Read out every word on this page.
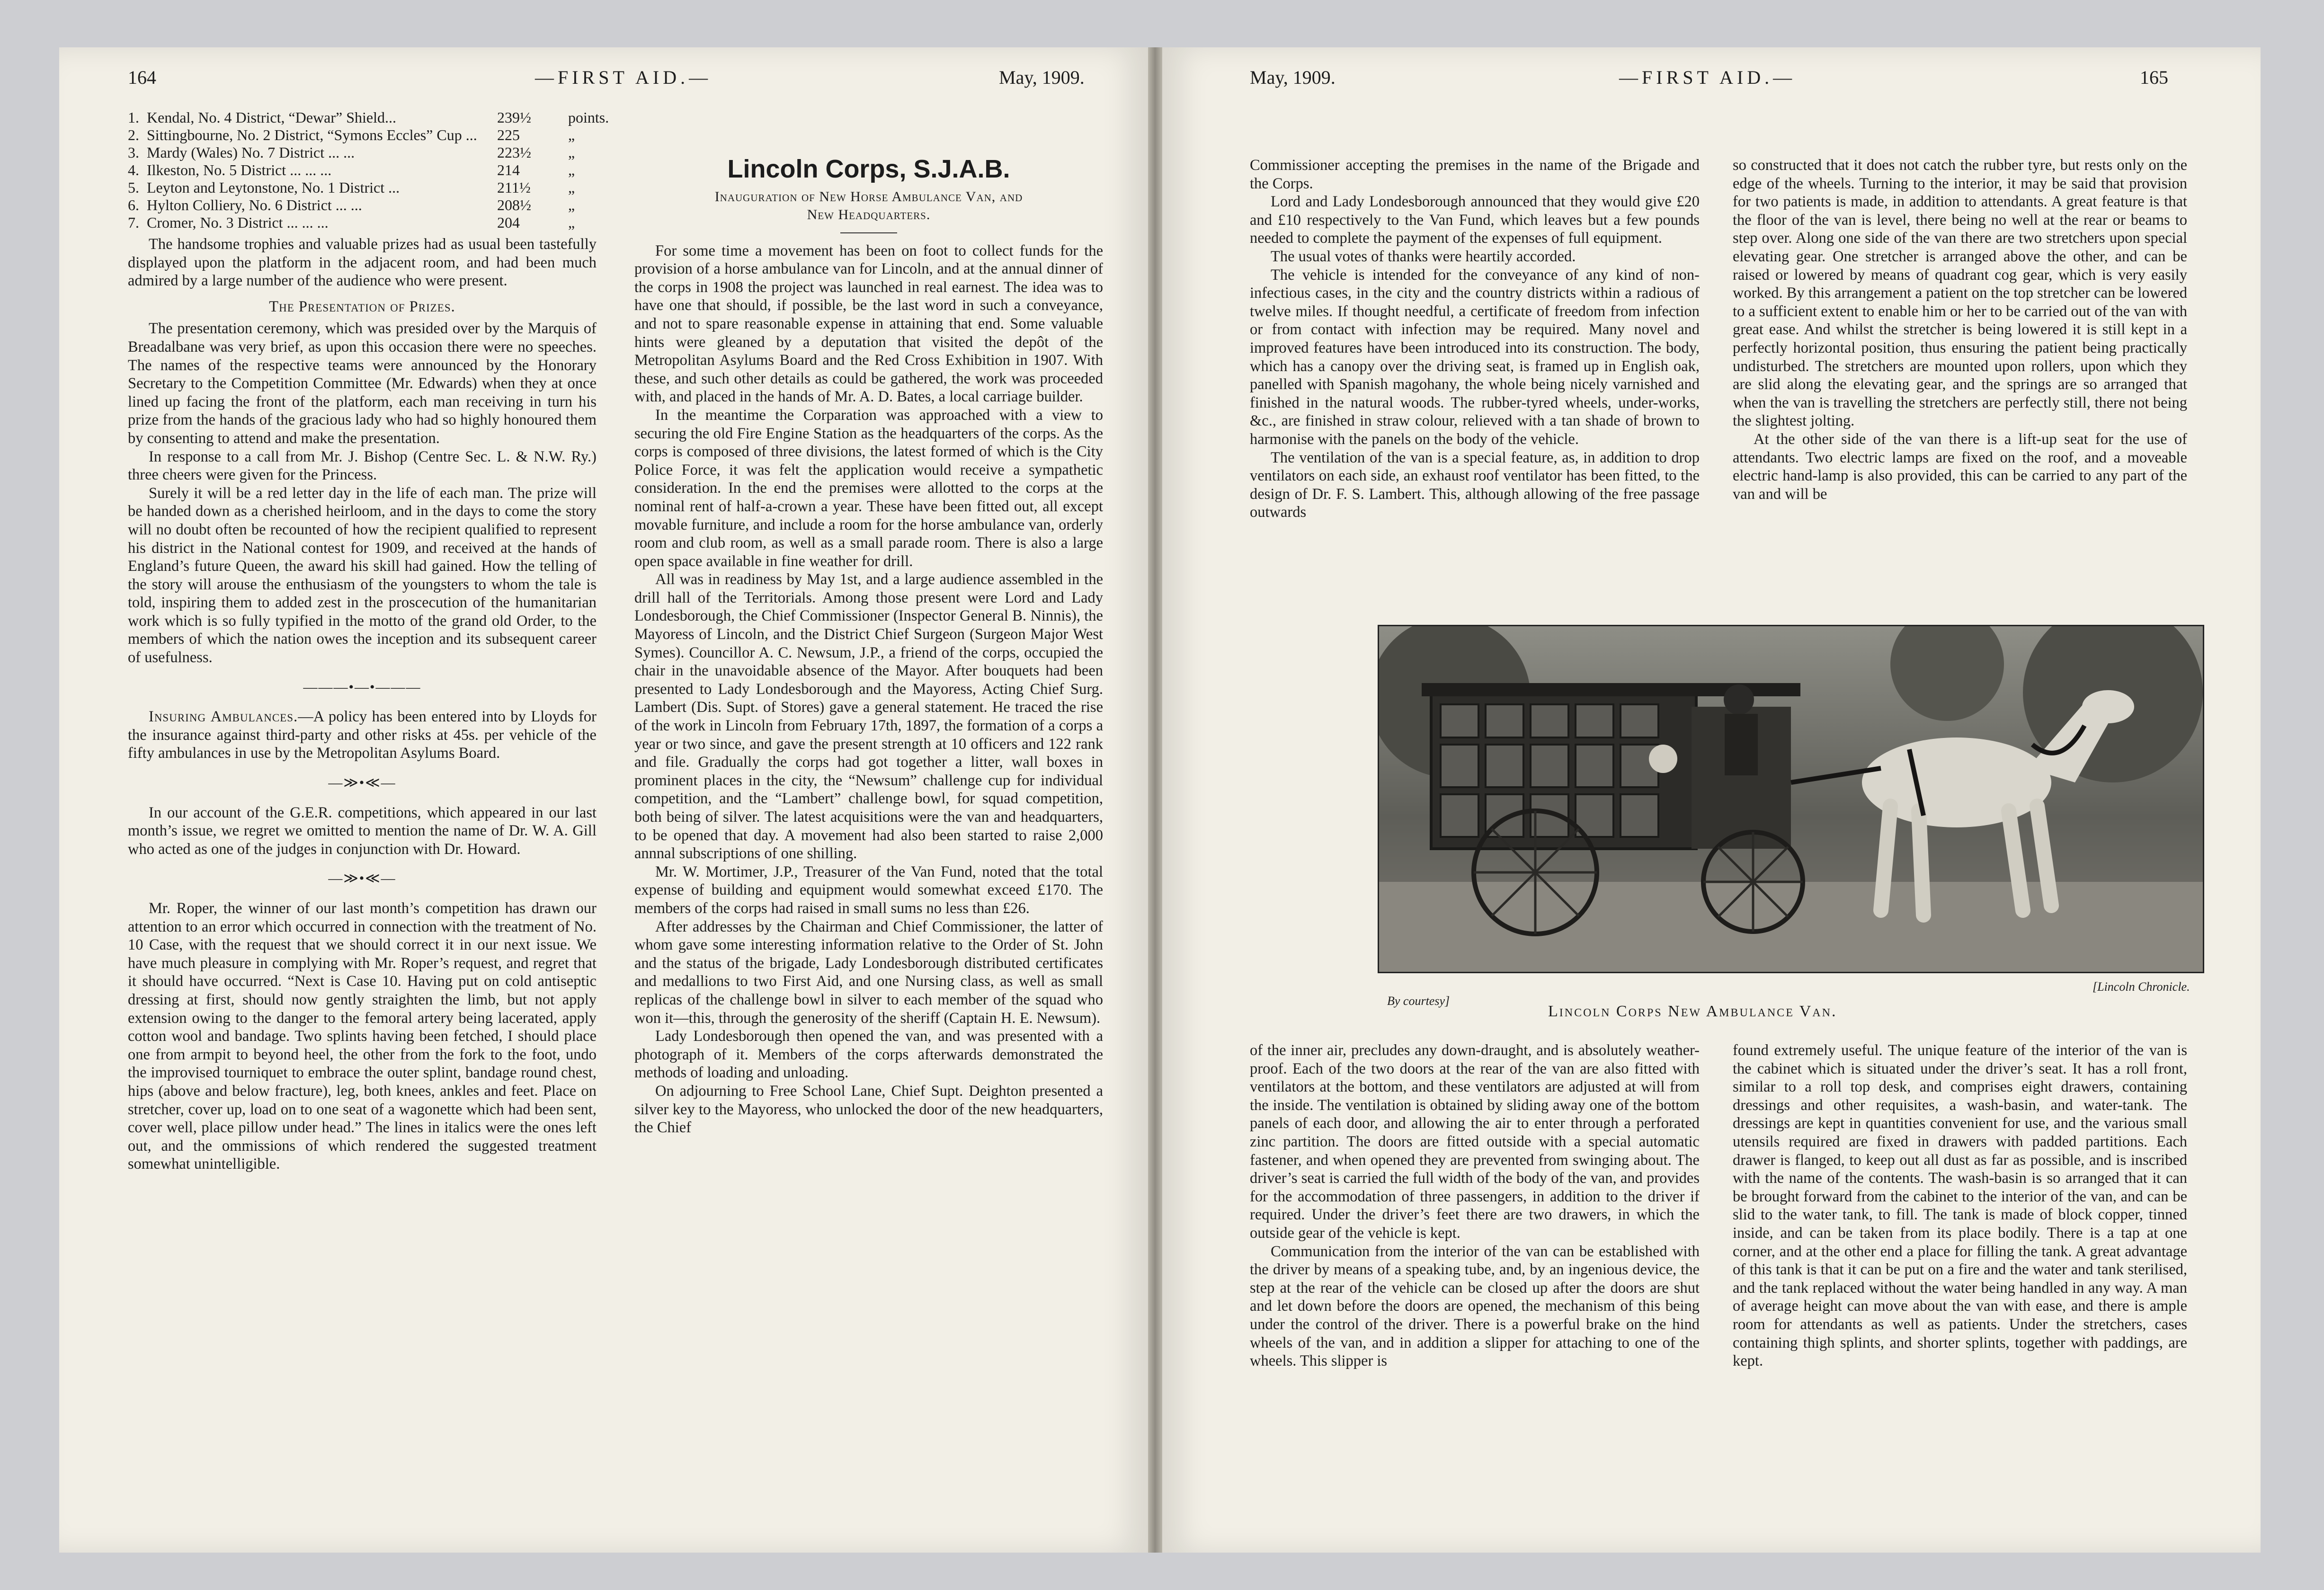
164	—FIRST AID.—	May, 1909.
1. Kendal, No. 4 District, “Dewar” Shield...	239½	points.
2. Sittingbourne, No. 2 District, “Symons Eccles” Cup ...	225	„
3. Mardy (Wales) No. 7 District ... ...	223½	„
4. Ilkeston, No. 5 District ... ... ...	214	„
5. Leyton and Leytonstone, No. 1 District ...	211½	„
6. Hylton Colliery, No. 6 District ... ...	208½	„
7. Cromer, No. 3 District ... ... ...	204	„

The handsome trophies and valuable prizes had as usual been tastefully displayed upon the platform in the adjacent room, and had been much admired by a large number of the audience who were present.

The Presentation of Prizes.

The presentation ceremony, which was presided over by the Marquis of Breadalbane was very brief, as upon this occasion there were no speeches. The names of the respective teams were announced by the Honorary Secretary to the Competition Committee (Mr. Edwards) when they at once lined up facing the front of the platform, each man receiving in turn his prize from the hands of the gracious lady who had so highly honoured them by consenting to attend and make the presentation.

In response to a call from Mr. J. Bishop (Centre Sec. L. & N.W. Ry.) three cheers were given for the Princess.

Surely it will be a red letter day in the life of each man. The prize will be handed down as a cherished heirloom, and in the days to come the story will no doubt often be recounted of how the recipient qualified to represent his district in the National contest for 1909, and received at the hands of England’s future Queen, the award his skill had gained. How the telling of the story will arouse the enthusiasm of the youngsters to whom the tale is told, inspiring them to added zest in the proscecution of the humanitarian work which is so fully typified in the motto of the grand old Order, to the members of which the nation owes the inception and its subsequent career of usefulness.

———•—•———

Insuring Ambulances.—A policy has been entered into by Lloyds for the insurance against third-party and other risks at 45s. per vehicle of the fifty ambulances in use by the Metropolitan Asylums Board.

—≫•≪—

In our account of the G.E.R. competitions, which appeared in our last month’s issue, we regret we omitted to mention the name of Dr. W. A. Gill who acted as one of the judges in conjunction with Dr. Howard.

—≫•≪—

Mr. Roper, the winner of our last month’s competition has drawn our attention to an error which occurred in connection with the treatment of No. 10 Case, with the request that we should correct it in our next issue. We have much pleasure in complying with Mr. Roper’s request, and regret that it should have occurred. “Next is Case 10. Having put on cold antiseptic dressing at first, should now gently straighten the limb, but not apply extension owing to the danger to the femoral artery being lacerated, apply cotton wool and bandage. Two splints having been fetched, I should place one from armpit to beyond heel, the other from the fork to the foot, undo the improvised tourniquet to embrace the outer splint, bandage round chest, hips (above and below fracture), leg, both knees, ankles and feet. Place on stretcher, cover up, load on to one seat of a wagonette which had been sent, cover well, place pillow under head.” The lines in italics were the ones left out, and the ommissions of which rendered the suggested treatment somewhat unintelligible.

Lincoln Corps, S.J.A.B.
Inauguration of New Horse Ambulance Van, and
New Headquarters.

For some time a movement has been on foot to collect funds for the provision of a horse ambulance van for Lincoln, and at the annual dinner of the corps in 1908 the project was launched in real earnest. The idea was to have one that should, if possible, be the last word in such a conveyance, and not to spare reasonable expense in attaining that end. Some valuable hints were gleaned by a deputation that visited the depôt of the Metropolitan Asylums Board and the Red Cross Exhibition in 1907. With these, and such other details as could be gathered, the work was proceeded with, and placed in the hands of Mr. A. D. Bates, a local carriage builder.

In the meantime the Corparation was approached with a view to securing the old Fire Engine Station as the headquarters of the corps. As the corps is composed of three divisions, the latest formed of which is the City Police Force, it was felt the application would receive a sympathetic consideration. In the end the premises were allotted to the corps at the nominal rent of half-a-crown a year. These have been fitted out, all except movable furniture, and include a room for the horse ambulance van, orderly room and club room, as well as a small parade room. There is also a large open space available in fine weather for drill.

All was in readiness by May 1st, and a large audience assembled in the drill hall of the Territorials. Among those present were Lord and Lady Londesborough, the Chief Commissioner (Inspector General B. Ninnis), the Mayoress of Lincoln, and the District Chief Surgeon (Surgeon Major West Symes). Councillor A. C. Newsum, J.P., a friend of the corps, occupied the chair in the unavoidable absence of the Mayor. After bouquets had been presented to Lady Londesborough and the Mayoress, Acting Chief Surg. Lambert (Dis. Supt. of Stores) gave a general statement. He traced the rise of the work in Lincoln from February 17th, 1897, the formation of a corps a year or two since, and gave the present strength at 10 officers and 122 rank and file. Gradually the corps had got together a litter, wall boxes in prominent places in the city, the “Newsum” challenge cup for individual competition, and the “Lambert” challenge bowl, for squad competition, both being of silver. The latest acquisitions were the van and headquarters, to be opened that day. A movement had also been started to raise 2,000 annnal subscriptions of one shilling.

Mr. W. Mortimer, J.P., Treasurer of the Van Fund, noted that the total expense of building and equipment would somewhat exceed £170. The members of the corps had raised in small sums no less than £26.

After addresses by the Chairman and Chief Commissioner, the latter of whom gave some interesting information relative to the Order of St. John and the status of the brigade, Lady Londesborough distributed certificates and medallions to two First Aid, and one Nursing class, as well as small replicas of the challenge bowl in silver to each member of the squad who won it—this, through the generosity of the sheriff (Captain H. E. Newsum).

Lady Londesborough then opened the van, and was presented with a photograph of it. Members of the corps afterwards demonstrated the methods of loading and unloading.

On adjourning to Free School Lane, Chief Supt. Deighton presented a silver key to the Mayoress, who unlocked the door of the new headquarters, the Chief

May, 1909.	—FIRST AID.—	165

Commissioner accepting the premises in the name of the Brigade and the Corps.

Lord and Lady Londesborough announced that they would give £20 and £10 respectively to the Van Fund, which leaves but a few pounds needed to complete the payment of the expenses of full equipment.

The usual votes of thanks were heartily accorded.

The vehicle is intended for the conveyance of any kind of non-infectious cases, in the city and the country districts within a radious of twelve miles. If thought needful, a certificate of freedom from infection or from contact with infection may be required. Many novel and improved features have been introduced into its construction. The body, which has a canopy over the driving seat, is framed up in English oak, panelled with Spanish magohany, the whole being nicely varnished and finished in the natural woods. The rubber-tyred wheels, under-works, &c., are finished in straw colour, relieved with a tan shade of brown to harmonise with the panels on the body of the vehicle.

The ventilation of the van is a special feature, as, in addition to drop ventilators on each side, an exhaust roof ventilator has been fitted, to the design of Dr. F. S. Lambert. This, although allowing of the free passage outwards

so constructed that it does not catch the rubber tyre, but rests only on the edge of the wheels. Turning to the interior, it may be said that provision for two patients is made, in addition to attendants. A great feature is that the floor of the van is level, there being no well at the rear or beams to step over. Along one side of the van there are two stretchers upon special elevating gear. One stretcher is arranged above the other, and can be raised or lowered by means of quadrant cog gear, which is very easily worked. By this arrangement a patient on the top stretcher can be lowered to a sufficient extent to enable him or her to be carried out of the van with great ease. And whilst the stretcher is being lowered it is still kept in a perfectly horizontal position, thus ensuring the patient being practically undisturbed. The stretchers are mounted upon rollers, upon which they are slid along the elevating gear, and the springs are so arranged that when the van is travelling the stretchers are perfectly still, there not being the slightest jolting.

At the other side of the van there is a lift-up seat for the use of attendants. Two electric lamps are fixed on the roof, and a moveable electric hand-lamp is also provided, this can be carried to any part of the van and will be

By courtesy]
[Lincoln Chronicle.
Lincoln Corps New Ambulance Van.

of the inner air, precludes any down-draught, and is absolutely weather-proof. Each of the two doors at the rear of the van are also fitted with ventilators at the bottom, and these ventilators are adjusted at will from the inside. The ventilation is obtained by sliding away one of the bottom panels of each door, and allowing the air to enter through a perforated zinc partition. The doors are fitted outside with a special automatic fastener, and when opened they are prevented from swinging about. The driver’s seat is carried the full width of the body of the van, and provides for the accommodation of three passengers, in addition to the driver if required. Under the driver’s feet there are two drawers, in which the outside gear of the vehicle is kept.

Communication from the interior of the van can be established with the driver by means of a speaking tube, and, by an ingenious device, the step at the rear of the vehicle can be closed up after the doors are shut and let down before the doors are opened, the mechanism of this being under the control of the driver. There is a powerful brake on the hind wheels of the van, and in addition a slipper for attaching to one of the wheels. This slipper is

found extremely useful. The unique feature of the interior of the van is the cabinet which is situated under the driver’s seat. It has a roll front, similar to a roll top desk, and comprises eight drawers, containing dressings and other requisites, a wash-basin, and water-tank. The dressings are kept in quantities convenient for use, and the various small utensils required are fixed in drawers with padded partitions. Each drawer is flanged, to keep out all dust as far as possible, and is inscribed with the name of the contents. The wash-basin is so arranged that it can be brought forward from the cabinet to the interior of the van, and can be slid to the water tank, to fill. The tank is made of block copper, tinned inside, and can be taken from its place bodily. There is a tap at one corner, and at the other end a place for filling the tank. A great advantage of this tank is that it can be put on a fire and the water and tank sterilised, and the tank replaced without the water being handled in any way. A man of average height can move about the van with ease, and there is ample room for attendants as well as patients. Under the stretchers, cases containing thigh splints, and shorter splints, together with paddings, are kept.
